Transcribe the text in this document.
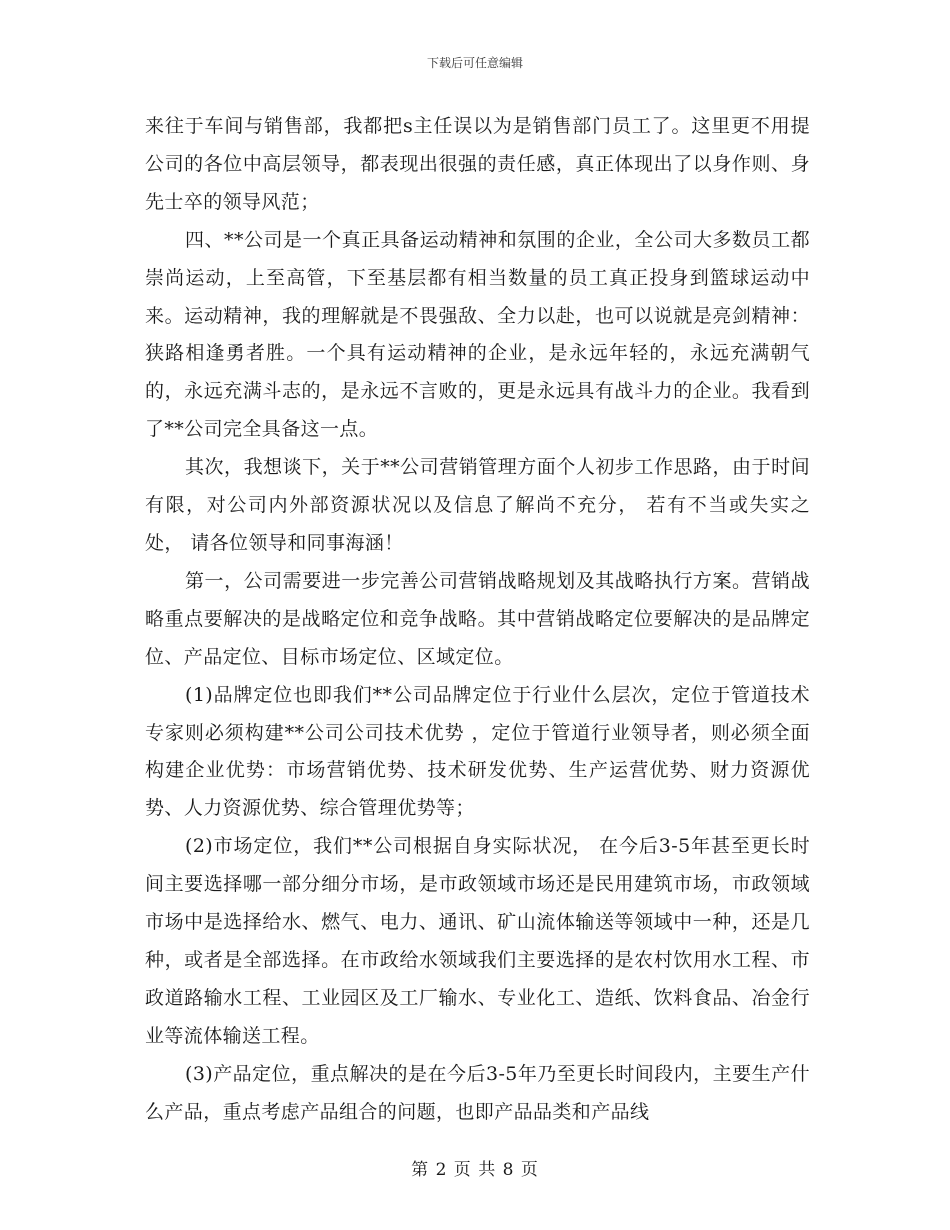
下载后可任意编辑

来往于车间与销售部，我都把s主任误以为是销售部门员工了。这里更不用提公司的各位中高层领导，都表现出很强的责任感，真正体现出了以身作则、身先士卒的领导风范；

四、**公司是一个真正具备运动精神和氛围的企业，全公司大多数员工都崇尚运动，上至高管，下至基层都有相当数量的员工真正投身到篮球运动中来。运动精神，我的理解就是不畏强敌、全力以赴，也可以说就是亮剑精神：狭路相逢勇者胜。一个具有运动精神的企业，是永远年轻的，永远充满朝气的，永远充满斗志的，是永远不言败的，更是永远具有战斗力的企业。我看到了**公司完全具备这一点。

其次，我想谈下，关于**公司营销管理方面个人初步工作思路，由于时间有限，对公司内外部资源状况以及信息了解尚不充分， 若有不当或失实之处， 请各位领导和同事海涵！

第一，公司需要进一步完善公司营销战略规划及其战略执行方案。营销战略重点要解决的是战略定位和竞争战略。其中营销战略定位要解决的是品牌定位、产品定位、目标市场定位、区域定位。

(1)品牌定位也即我们**公司品牌定位于行业什么层次，定位于管道技术专家则必须构建**公司公司技术优势 ，定位于管道行业领导者，则必须全面构建企业优势：市场营销优势、技术研发优势、生产运营优势、财力资源优势、人力资源优势、综合管理优势等；

(2)市场定位，我们**公司根据自身实际状况， 在今后3-5年甚至更长时间主要选择哪一部分细分市场，是市政领域市场还是民用建筑市场，市政领域市场中是选择给水、燃气、电力、通讯、矿山流体输送等领域中一种，还是几种，或者是全部选择。在市政给水领域我们主要选择的是农村饮用水工程、市政道路输水工程、工业园区及工厂输水、专业化工、造纸、饮料食品、冶金行业等流体输送工程。

(3)产品定位，重点解决的是在今后3-5年乃至更长时间段内，主要生产什么产品，重点考虑产品组合的问题，也即产品品类和产品线

第 2 页 共 8 页
